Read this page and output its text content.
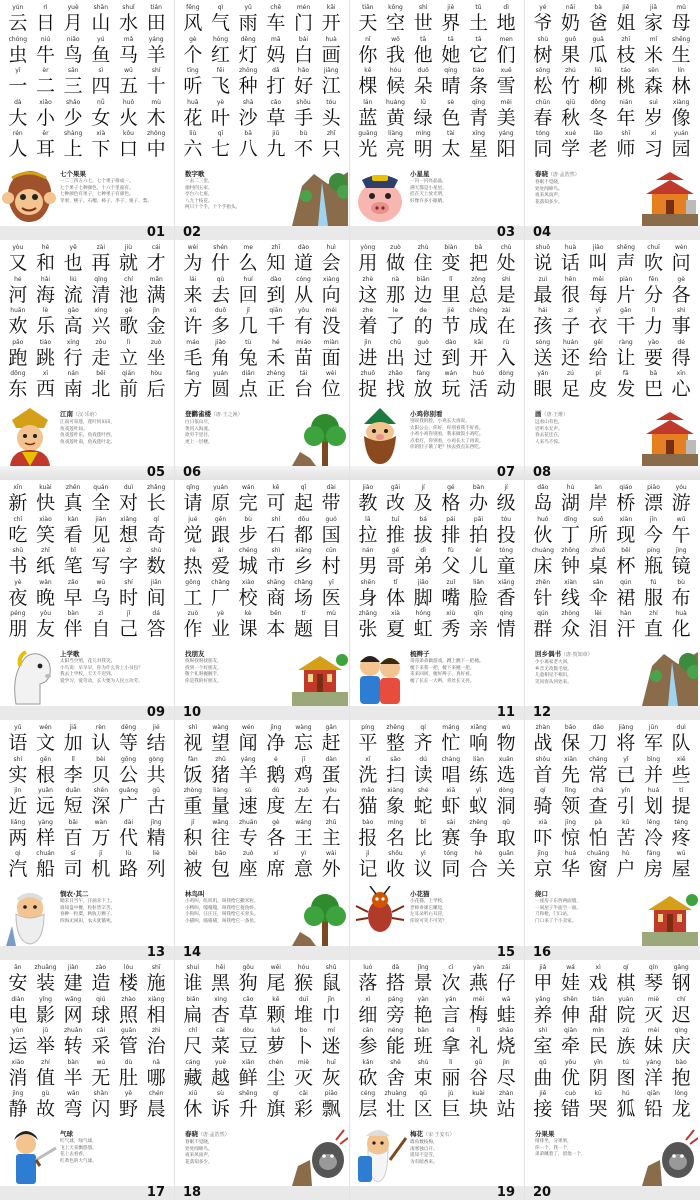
yún
云
rì
日
yuè
月
shān
山
shuǐ
水
tián
田
chóng
虫
niú
牛
niǎo
鸟
yú
鱼
mǎ
马
yáng
羊
yī
一
èr
二
sān
三
sì
四
wǔ
五
shí
十
dà
大
xiǎo
小
shǎo
少
nǚ
女
huǒ
火
mù
木
rén
人
ěr
耳
shàng
上
xià
下
kǒu
口
zhōng
中
七个果果
一二三四五六七，七个果子排成一。
七个果子七种颜色，十六个里面有。
七种颜色有果子，七种果子有颜色。
苹果、桃子、石榴、柿子、李子、栗子、梨。
01
fēng
风
qì
气
yǔ
雨
chē
车
mén
门
kāi
开
gè
个
hóng
红
dēng
灯
mā
妈
bái
白
huà
画
tīng
听
fēi
飞
zhǒng
种
dǎ
打
hǎo
好
jiāng
江
huā
花
yè
叶
shā
沙
cǎo
草
shǒu
手
tóu
头
liù
六
qī
七
bā
八
jiǔ
九
bù
不
zhǐ
只
数字歌
一去二三里，
烟村四五家。
亭台六七座，
八九十枝花。
两只十个手，十个手指头。
02
tiān
天
kōng
空
shì
世
jiè
界
tǔ
土
dì
地
nǐ
你
wǒ
我
tā
他
tā
她
tā
它
men
们
kē
棵
hóu
候
duǒ
朵
qíng
晴
tiáo
条
xuě
雪
lán
蓝
huáng
黄
lǜ
绿
sè
色
qīng
青
měi
美
guāng
光
liàng
亮
míng
明
tài
太
xīng
星
yáng
阳
小星星
一闪一闪亮晶晶，
满天都是小星星。
挂在天上放光明，
好像许多小眼睛。
03
yé
爷
nǎi
奶
bà
爸
jiě
姐
jiā
家
mǔ
母
shù
树
guǒ
果
guā
瓜
zhī
枝
mǐ
米
shēng
生
sōng
松
zhú
竹
liǔ
柳
táo
桃
sēn
森
lín
林
chūn
春
qiū
秋
dōng
冬
nián
年
suì
岁
xiàng
像
tóng
同
xué
学
lǎo
老
shī
师
xí
习
yuán
园
春晓（唐·孟浩然）
春眠不觉晓，
处处闻啼鸟。
夜来风雨声，
花落知多少。
04
yòu
又
hé
和
yě
也
zài
再
jiù
就
cái
才
hé
河
hǎi
海
liú
流
qīng
清
chí
池
mǎn
满
huān
欢
lè
乐
gāo
高
xìng
兴
gē
歌
jīn
金
pǎo
跑
tiào
跳
xíng
行
zǒu
走
lì
立
zuò
坐
dōng
东
xī
西
nán
南
běi
北
qián
前
hòu
后
江南（汉·乐府）
江南可采莲，莲叶何田田，
鱼戏莲叶间。
鱼戏莲叶东，鱼戏莲叶西，
鱼戏莲叶南，鱼戏莲叶北。
05
wèi
为
shén
什
me
么
zhī
知
dào
道
huì
会
lái
来
qù
去
huí
回
dào
到
cóng
从
xiàng
向
xǔ
许
duō
多
jǐ
几
qiān
千
yǒu
有
méi
没
máo
毛
jiǎo
角
tù
兔
hé
禾
miáo
苗
miàn
面
fāng
方
yuán
圆
diǎn
点
zhèng
正
tái
台
wèi
位
登鹳雀楼（唐·王之涣）
白日依山尽，
黄河入海流。
欲穷千里目，
更上一层楼。
06
yòng
用
zuò
做
zhù
住
biàn
变
bǎ
把
chù
处
zhè
这
nà
那
biān
边
lǐ
里
zǒng
总
shì
是
zhe
着
le
了
de
的
jié
节
chéng
成
zài
在
jìn
进
chū
出
guò
过
dào
到
kāi
开
rù
入
zhuō
捉
zhǎo
找
fàng
放
wán
玩
huó
活
dòng
动
小鸡你别看
别说我的脸，小鸡长大再说。
太阳公公，你好，你别看我不好看。
小鸡小鸡你别看，我来做饭小鸡吃。
点着灯，你别看，小鸡长大了再说。
你的肚子饿了吧？快去找点东西吃。
07
shuō
说
huà
话
jiào
叫
shēng
声
chuī
吹
wèn
问
zuì
最
hěn
很
měi
每
piàn
片
fēn
分
gè
各
hái
孩
zi
子
yī
衣
gān
干
lì
力
shì
事
sòng
送
huán
还
gěi
给
ràng
让
yào
要
dé
得
yǎn
眼
zú
足
pí
皮
fā
发
bā
巴
xīn
心
画（唐·王维）
远看山有色，
近听水无声。
春去花还在，
人来鸟不惊。
08
xīn
新
kuài
快
zhēn
真
quán
全
duì
对
zhǎng
长
chī
吃
xiào
笑
kàn
看
jiàn
见
xiǎng
想
qí
奇
shū
书
zhǐ
纸
bǐ
笔
xiě
写
zì
字
shù
数
yè
夜
wǎn
晚
zǎo
早
wū
乌
shí
时
jiān
间
péng
朋
yǒu
友
bàn
伴
zì
自
jǐ
己
dá
答
上学歌
太阳当空照，花儿对我笑。
小鸟说：早早早，你为什么背上小书包？
我去上学校，天天不迟到。
爱学习，爱劳动，长大要为人民立功劳。
09
qǐng
请
yuán
原
wán
完
kě
可
qǐ
起
dài
带
jué
觉
gēn
跟
bù
步
shí
石
dōu
都
guó
国
rè
热
ài
爱
chéng
城
shì
市
xiāng
乡
cūn
村
gōng
工
chǎng
厂
xiào
校
shāng
商
chǎng
场
yī
医
zuò
作
yè
业
kè
课
běn
本
tí
题
mù
目
找朋友
找呀找呀找朋友，
找到一个好朋友，
敬个礼呀握握手，
你是我的好朋友。
10
jiào
教
gǎi
改
jí
及
gé
格
bàn
办
jí
级
lā
拉
tuī
推
bá
拔
pái
排
pāi
拍
tóu
投
nán
男
gē
哥
dì
弟
fù
父
ér
儿
tóng
童
shēn
身
tǐ
体
jiǎo
脚
zuǐ
嘴
liǎn
脸
xiāng
香
zhāng
张
xià
夏
hóng
虹
xiù
秀
qīn
亲
qíng
情
梳辫子
哥哥弟弟做游戏，跳上跳下一把梳。
梳下来我一把，梳下来她一把。
来来回回，梳好辫子，真好看。
梳了长长一大辫，青丝长又亮。
11
dǎo
岛
hú
湖
àn
岸
qiáo
桥
piāo
漂
yóu
游
huǒ
伙
dīng
丁
suǒ
所
xiàn
现
jīn
今
wǔ
午
chuáng
床
zhōng
钟
zhuō
桌
bēi
杯
píng
瓶
jìng
镜
zhēn
针
xiàn
线
sǎn
伞
qún
裙
fú
服
bù
布
qún
群
zhòng
众
lèi
泪
hàn
汗
zhí
直
huà
化
回乡偶书（唐·贺知章）
少小离家老大回，
乡音无改鬓毛衰。
儿童相见不相识，
笑问客从何处来。
12
yǔ
语
wén
文
jiā
加
rèn
认
děng
等
jié
结
shí
实
gēn
根
lǐ
李
bèi
贝
gōng
公
gòng
共
jìn
近
yuǎn
远
duǎn
短
shēn
深
guǎng
广
gǔ
古
liǎng
两
yàng
样
bǎi
百
wàn
万
dài
代
jīng
精
qì
汽
chuán
船
sī
司
jī
机
lù
路
liè
列
悯农·其二
锄禾日当午，汗滴禾下土。
谁知盘中餐，粒粒皆辛苦。
春种一粒粟，秋收万颗子。
四海无闲田，农夫犹饿死。
13
shì
视
wàng
望
wén
闻
jìng
净
wàng
忘
gǎn
赶
fàn
饭
zhū
猪
yáng
羊
é
鹅
jī
鸡
dàn
蛋
zhòng
重
liàng
量
sù
速
dù
度
zuǒ
左
yòu
右
jī
积
wǎng
往
zhuān
专
gè
各
wáng
王
zhǔ
主
bèi
被
bāo
包
zuò
座
xí
席
yì
意
wài
外
林鸟叫
小鸡叫，叽叽叽，叫我给它撒米粒。
小鸭叫，嘎嘎嘎，叫我给它捉鱼虾。
小狗叫，汪汪汪，叫我给它买骨头。
小猫叫，喵喵喵，叫我给它一条鱼。
14
píng
平
zhěng
整
qí
齐
máng
忙
xiǎng
响
wù
物
xǐ
洗
sǎo
扫
dú
读
chàng
唱
liàn
练
xuǎn
选
māo
猫
xiàng
象
shé
蛇
xiā
虾
yǐ
蚁
dòng
洞
bào
报
míng
名
bǐ
比
sài
赛
zhēng
争
qǔ
取
jì
记
shōu
收
yì
议
tóng
同
hé
合
guān
关
小花猫
小花猫，上学校，
老师讲课它睡觉，
左耳朵听右耳冒，
你说可笑不可笑？
15
zhàn
战
bǎo
保
dāo
刀
jiàng
将
jūn
军
duì
队
shǒu
首
xiān
先
cháng
常
yǐ
已
bìng
并
xiē
些
qí
骑
lǐng
领
chá
查
yǐn
引
huá
划
tí
提
xià
吓
jīng
惊
pà
怕
kǔ
苦
lěng
冷
téng
疼
jīng
京
huá
华
chuāng
窗
hù
户
fáng
房
wū
屋
绕口
一座房子东西两面墙，
一间屋子半面空一面。
刀和枪，门口站，
门口来了个小卖家。
16
ān
安
zhuāng
装
jiàn
建
zào
造
lóu
楼
shī
施
diàn
电
yǐng
影
wǎng
网
qiú
球
zhào
照
xiàng
相
yùn
运
jǔ
举
zhuǎn
转
cǎi
采
guǎn
管
zhì
治
xiāo
消
zhí
值
bàn
半
wú
无
dù
肚
nǎ
哪
jìng
静
gù
故
wān
弯
shǎn
闪
yě
野
chén
晨
气球
红气球，绿气球，
飞上天来飘悠悠。
花上去看看，
红黄色的大气球。
17
shuí
谁
hēi
黑
gǒu
狗
wěi
尾
hóu
猴
shǔ
鼠
biǎn
扁
xìng
杏
cǎo
草
kē
颗
duī
堆
jīn
巾
chǐ
尺
cài
菜
dòu
豆
luó
萝
bo
卜
mí
迷
cáng
藏
yuè
越
xiān
鲜
chén
尘
miè
灭
huī
灰
xiū
休
sù
诉
shēng
升
qí
旗
cǎi
彩
piāo
飘
春晓（唐·孟浩然）
春眠不觉晓，
处处闻啼鸟。
夜来风雨声，
花落知多少。
18
luò
落
dā
搭
jǐng
景
cì
次
yàn
燕
zǎi
仔
xì
细
páng
旁
yàn
艳
yán
言
méi
梅
wā
蛙
cān
参
néng
能
bān
班
ná
拿
lǐ
礼
shāo
烧
kǎn
砍
shě
舍
shù
束
lì
丽
gǔ
谷
jìn
尽
céng
层
zhuàng
壮
qū
区
jù
巨
kuài
块
zhàn
站
梅花（宋·王安石）
墙角数枝梅，
凌寒独自开。
遥知不是雪，
为有暗香来。
19
jiǎ
甲
wá
娃
xì
戏
qí
棋
qín
琴
gāng
钢
yǎng
养
shēn
伸
tián
甜
yuàn
院
miè
灭
chí
迟
shì
室
qiān
牵
mín
民
zú
族
mèi
妹
qìng
庆
qǔ
曲
yōu
优
yīn
阴
tú
图
yáng
洋
bào
抱
jiē
接
cuò
错
kū
哭
hú
狐
qiān
铅
lóng
龙
分果果
排排坐，分果果，
你一个，我一个，
弟弟睡着了，留他一个。
20
